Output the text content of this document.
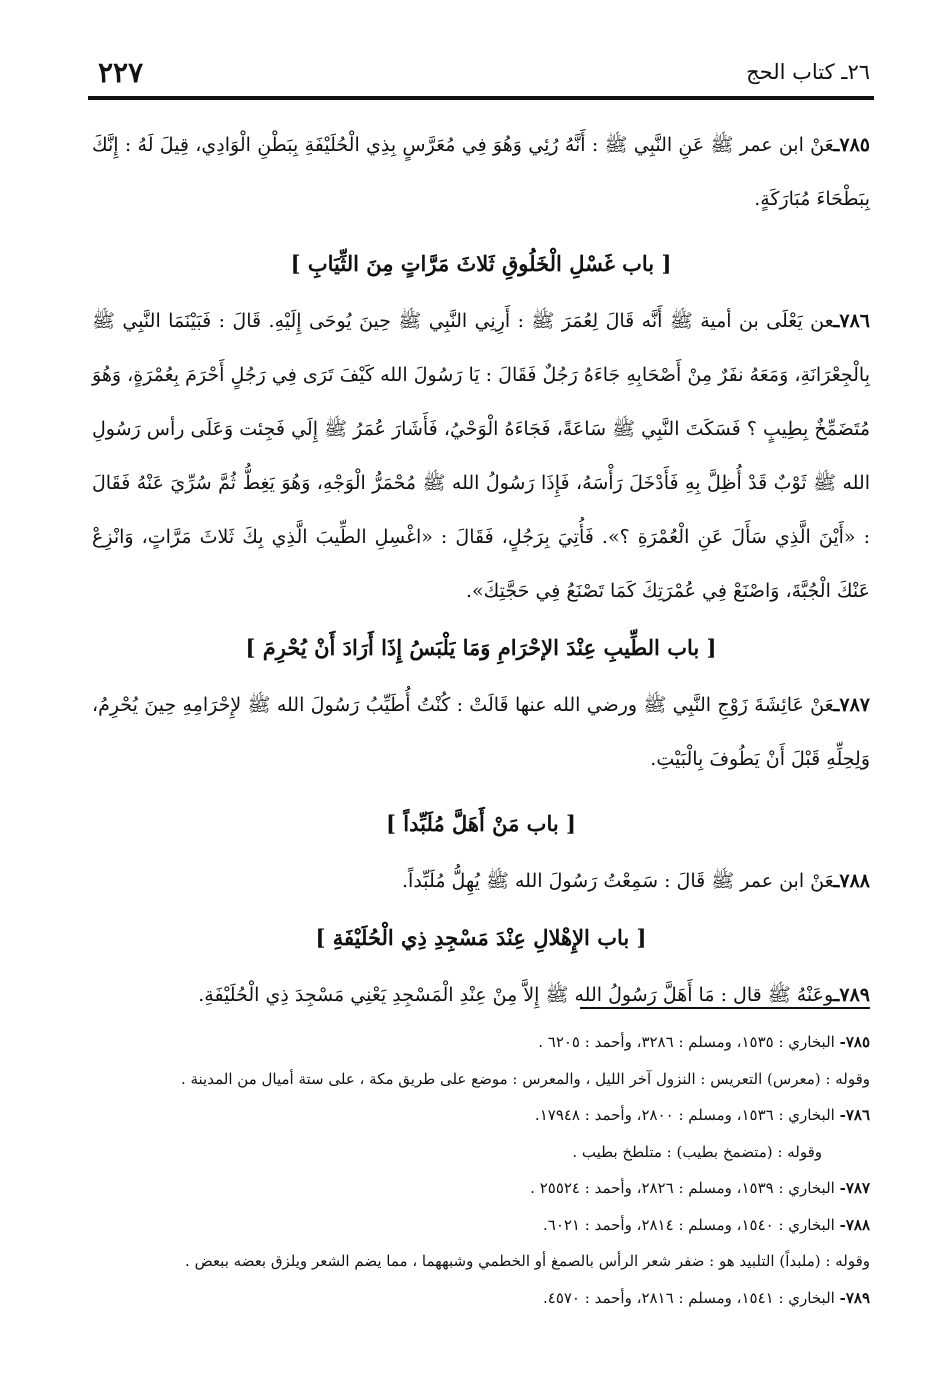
٢٦ـ كتاب الحج
٢٢٧

٧٨٥ـعَنْ ابن عمر ﷺ عَنِ النَّبِي ﷺ : أَنَّهُ رُئِي وَهُوَ فِي مُعَرَّسٍ بِذِي الْحُلَيْفَةِ بِبَطْنِ الْوَادِي، قِيلَ لَهُ : إِنَّكَ بِبَطْحَاءَ مُبَارَكَةٍ.

[ باب غَسْلِ الْخَلُوقِ ثَلاثَ مَرَّاتٍ مِنَ الثِّيَابِ ]

٧٨٦ـعن يَعْلَى بن أمية ﷺ أَنَّه قَالَ لِعُمَرَ ﷺ : أَرِنِي النَّبِي ﷺ حِينَ يُوحَى إِلَيْهِ. قَالَ : فَبَيْنَمَا النَّبِي ﷺ بِالْجِعْرَانَةِ، وَمَعَهُ نفَرٌ مِنْ أَصْحَابِهِ جَاءَهُ رَجُلٌ فَقَالَ : يَا رَسُولَ الله كَيْفَ تَرَى فِي رَجُلٍ أَحْرَمَ بِعُمْرَةٍ، وَهُوَ مُتَضَمِّخٌ بِطِيبٍ ؟ فَسَكَتَ النَّبِي ﷺ سَاعَةً، فَجَاءَهُ الْوَحْيُ، فَأَشَارَ عُمَرُ ﷺ إِلَي فَجِئت وَعَلَى رأس رَسُولِ الله ﷺ ثَوْبٌ قَدْ أُظِلَّ بِهِ فَأَدْخَلَ رَأْسَهُ، فَإِذَا رَسُولُ الله ﷺ مُحْمَرُّ الْوَجْهِ، وَهُوَ يَغِطُّ ثُمَّ سُرِّيَ عَنْهُ فَقَالَ : «أَيْنَ الَّذِي سَأَلَ عَنِ الْعُمْرَةِ ؟». فَأُتِيَ بِرَجُلٍ، فَقَالَ : «اغْسِلِ الطِّيبَ الَّذِي بِكَ ثَلاثَ مَرَّاتٍ، وَانْزِعْ عَنْكَ الْجُبَّةَ، وَاصْنَعْ فِي عُمْرَتِكَ كَمَا تَصْنَعُ فِي حَجَّتِكَ».

[ باب الطِّيبِ عِنْدَ الإحْرَامِ وَمَا يَلْبَسُ إِذَا أَرَادَ أَنْ يُحْرِمَ ]

٧٨٧ـعَنْ عَائِشَةَ زَوْجِ النَّبِي ﷺ ورضي الله عنها قَالَتْ : كُنْتُ أُطَيِّبُ رَسُولَ الله ﷺ لإِحْرَامِهِ حِينَ يُحْرِمُ، وَلِحِلِّهِ قَبْلَ أَنْ يَطُوفَ بِالْبَيْتِ.

[ باب مَنْ أَهَلَّ مُلَبِّداً ]

٧٨٨ـعَنْ ابن عمر ﷺ قَالَ : سَمِعْتُ رَسُولَ الله ﷺ يُهِلُّ مُلَبِّداً.

[ باب الإِهْلالِ عِنْدَ مَسْجِدِ ذِي الْحُلَيْفَةِ ]

٧٨٩ـوعَنْهُ ﷺ قال : مَا أَهَلَّ رَسُولُ الله ﷺ إِلاَّ مِنْ عِنْدِ الْمَسْجِدِ يَعْنِي مَسْجِدَ ذِي الْحُلَيْفَةِ.

٧٨٥- البخاري : ١٥٣٥، ومسلم : ٣٢٨٦، وأحمد : ٦٢٠٥ .

وقوله : (معرس) التعريس : النزول آخر الليل ، والمعرس : موضع على طريق مكة ، على ستة أميال من المدينة .

٧٨٦- البخاري : ١٥٣٦، ومسلم : ٢٨٠٠، وأحمد : ١٧٩٤٨.

وقوله : (متضمخ بطيب) : متلطخ بطيب .

٧٨٧- البخاري : ١٥٣٩، ومسلم : ٢٨٢٦، وأحمد : ٢٥٥٢٤ .

٧٨٨- البخاري : ١٥٤٠، ومسلم : ٢٨١٤، وأحمد : ٦٠٢١.

وقوله : (ملبداً) التلبيد هو : ضفر شعر الرأس بالصمغ أو الخطمي وشبههما ، مما يضم الشعر ويلزق بعضه ببعض .

٧٨٩- البخاري : ١٥٤١، ومسلم : ٢٨١٦، وأحمد : ٤٥٧٠.
